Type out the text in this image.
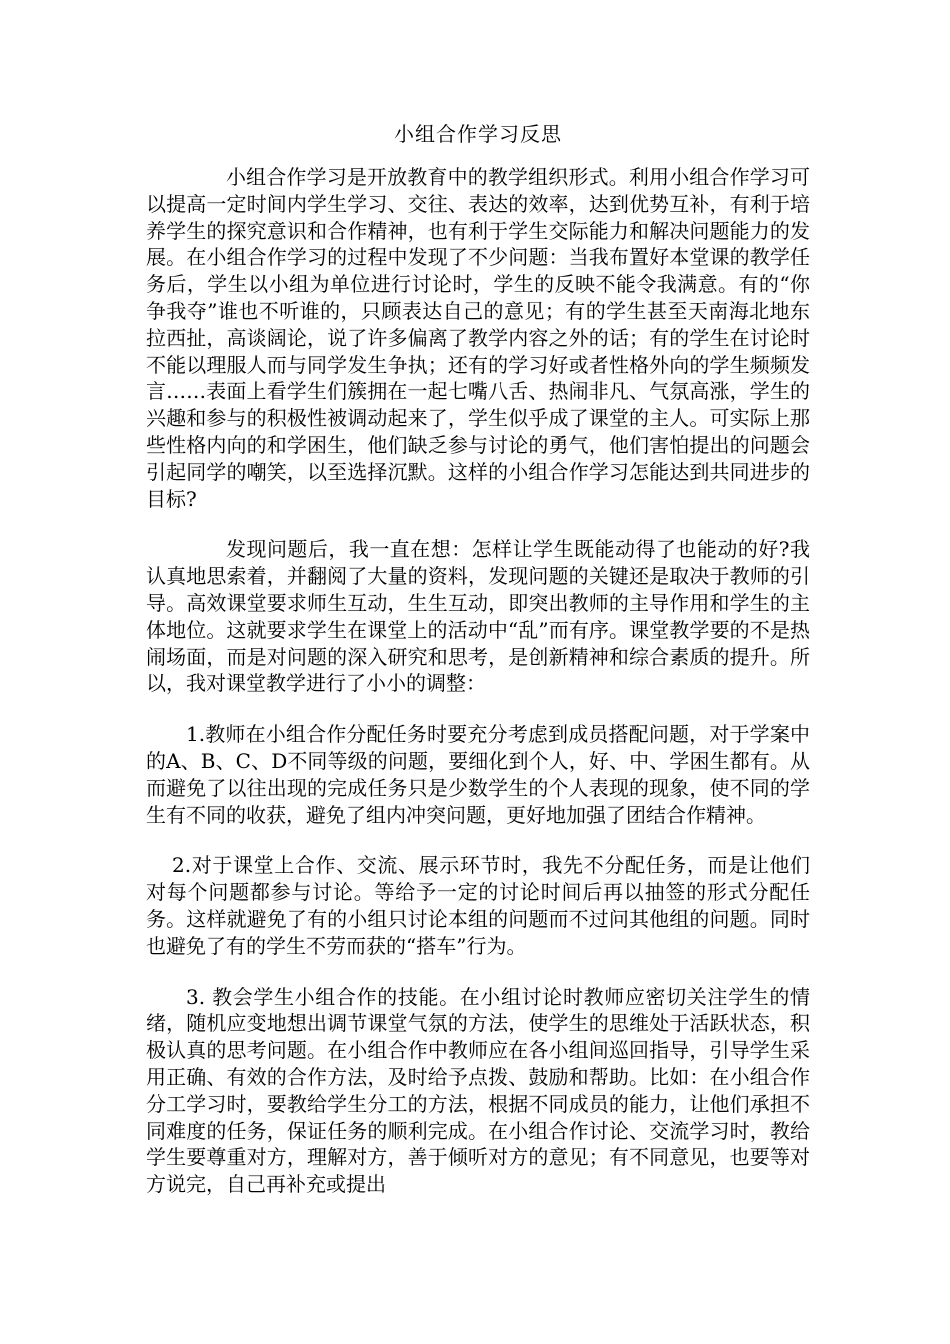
小组合作学习反思

小组合作学习是开放教育中的教学组织形式。利用小组合作学习可以提高一定时间内学生学习、交往、表达的效率，达到优势互补，有利于培养学生的探究意识和合作精神，也有利于学生交际能力和解决问题能力的发展。在小组合作学习的过程中发现了不少问题：当我布置好本堂课的教学任务后，学生以小组为单位进行讨论时，学生的反映不能令我满意。有的“你争我夺”谁也不听谁的，只顾表达自己的意见；有的学生甚至天南海北地东拉西扯，高谈阔论，说了许多偏离了教学内容之外的话；有的学生在讨论时不能以理服人而与同学发生争执；还有的学习好或者性格外向的学生频频发言……表面上看学生们簇拥在一起七嘴八舌、热闹非凡、气氛高涨，学生的兴趣和参与的积极性被调动起来了，学生似乎成了课堂的主人。可实际上那些性格内向的和学困生，他们缺乏参与讨论的勇气，他们害怕提出的问题会引起同学的嘲笑，以至选择沉默。这样的小组合作学习怎能达到共同进步的目标?

发现问题后，我一直在想：怎样让学生既能动得了也能动的好?我认真地思索着，并翻阅了大量的资料，发现问题的关键还是取决于教师的引导。高效课堂要求师生互动，生生互动，即突出教师的主导作用和学生的主体地位。这就要求学生在课堂上的活动中“乱”而有序。课堂教学要的不是热闹场面，而是对问题的深入研究和思考，是创新精神和综合素质的提升。所以，我对课堂教学进行了小小的调整：

1.教师在小组合作分配任务时要充分考虑到成员搭配问题，对于学案中的A、B、C、D不同等级的问题，要细化到个人，好、中、学困生都有。从而避免了以往出现的完成任务只是少数学生的个人表现的现象，使不同的学生有不同的收获，避免了组内冲突问题，更好地加强了团结合作精神。

2.对于课堂上合作、交流、展示环节时，我先不分配任务，而是让他们对每个问题都参与讨论。等给予一定的讨论时间后再以抽签的形式分配任务。这样就避免了有的小组只讨论本组的问题而不过问其他组的问题。同时也避免了有的学生不劳而获的“搭车”行为。

3. 教会学生小组合作的技能。在小组讨论时教师应密切关注学生的情绪，随机应变地想出调节课堂气氛的方法，使学生的思维处于活跃状态，积极认真的思考问题。在小组合作中教师应在各小组间巡回指导，引导学生采用正确、有效的合作方法，及时给予点拨、鼓励和帮助。比如：在小组合作分工学习时，要教给学生分工的方法，根据不同成员的能力，让他们承担不同难度的任务，保证任务的顺利完成。在小组合作讨论、交流学习时，教给学生要尊重对方，理解对方，善于倾听对方的意见；有不同意见，也要等对方说完，自己再补充或提出
